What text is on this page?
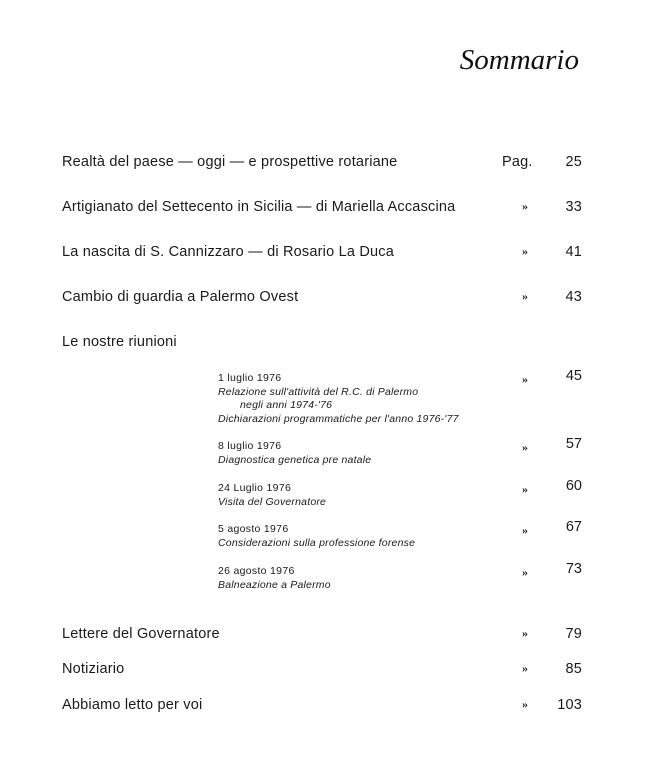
Sommario
Realtà del paese — oggi — e prospettive rotariane	Pag. 25
Artigianato del Settecento in Sicilia — di Mariella Accascina	»	33
La nascita di S. Cannizzaro — di Rosario La Duca	»	41
Cambio di guardia a Palermo Ovest	»	43
Le nostre riunioni
1 luglio 1976
Relazione sull'attività del R.C. di Palermo
negli anni 1974-'76
Dichiarazioni programmatiche per l'anno 1976-'77
»	45
8 luglio 1976
Diagnostica genetica pre natale
»	57
24 Luglio 1976
Visita del Governatore
»	60
5 agosto 1976
Considerazioni sulla professione forense
»	67
26 agosto 1976
Balneazione a Palermo
»	73
Lettere del Governatore	»	79
Notiziario	»	85
Abbiamo letto per voi	» 103
